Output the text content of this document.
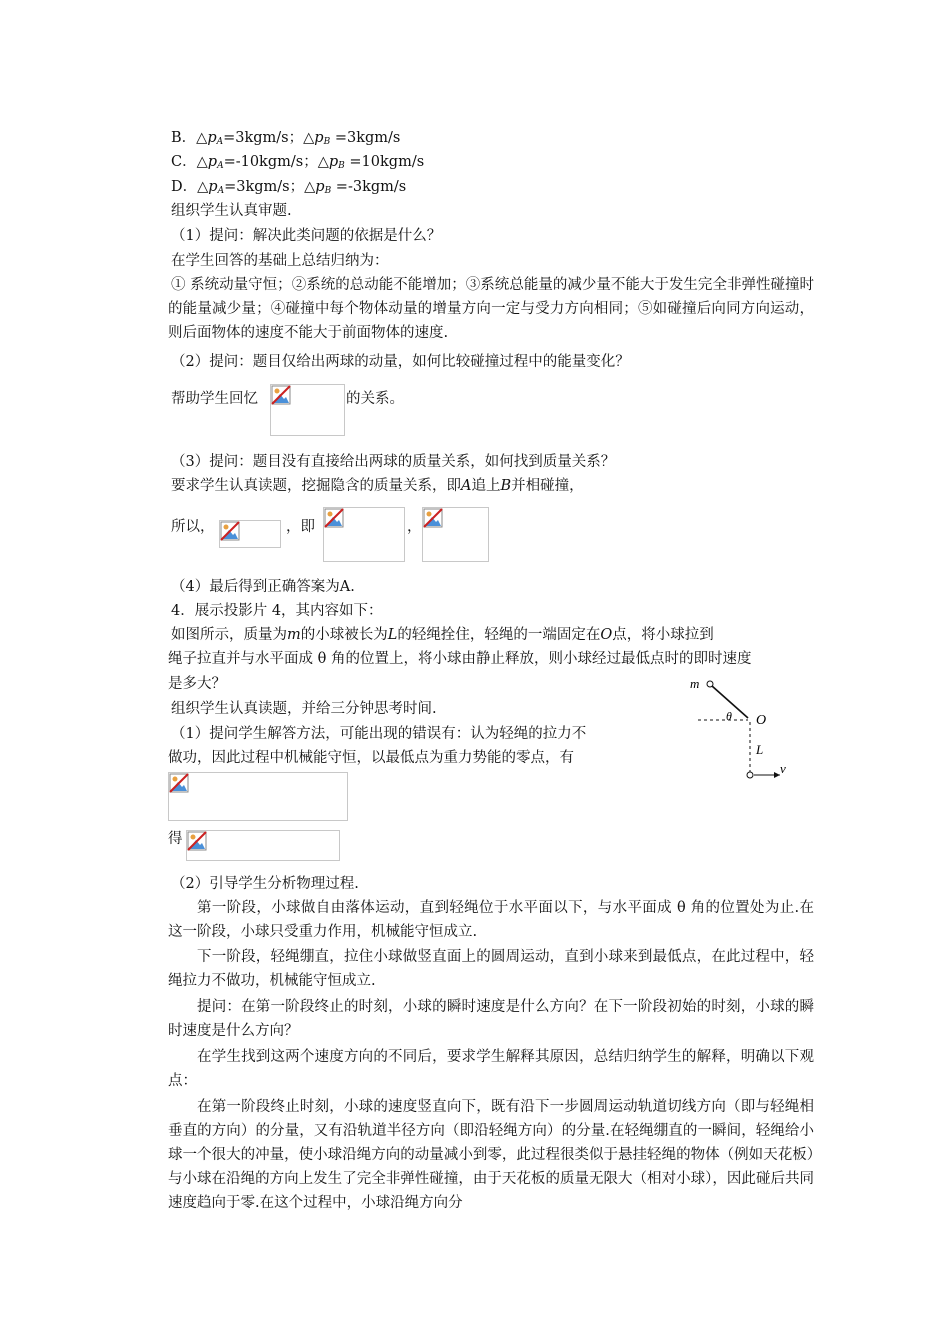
B．$\triangle p_A=3kgm/s$；$\triangle p_B =3kgm/s$
C．$\triangle p_A=-10kgm/s$；$\triangle p_B =10kgm/s$
D．$\triangle p_A=3kgm/s$；$\triangle p_B =-3kgm/s$
组织学生认真审题.
（1）提问：解决此类问题的依据是什么？
在学生回答的基础上总结归纳为：
① 系统动量守恒；②系统的总动能不能增加；③系统总能量的减少量不能大于发生完全非弹性碰撞时的能量减少量；④碰撞中每个物体动量的增量方向一定与受力方向相同；⑤如碰撞后向同方向运动，则后面物体的速度不能大于前面物体的速度.
（2）提问：题目仅给出两球的动量，如何比较碰撞过程中的能量变化？
帮助学生回忆	的关系。
（3）提问：题目没有直接给出两球的质量关系，如何找到质量关系？
要求学生认真读题，挖掘隐含的质量关系，即A追上B并相碰撞，
所以，	，即	，
（4）最后得到正确答案为A.
4．展示投影片 4，其内容如下：
如图所示，质量为m的小球被长为L的轻绳拴住，轻绳的一端固定在O点，将小球拉到
绳子拉直并与水平面成 θ 角的位置上，将小球由静止释放，则小球经过最低点时的即时速度
是多大？
组织学生认真读题，并给三分钟思考时间.
（1）提问学生解答方法，可能出现的错误有：认为轻绳的拉力不
做功，因此过程中机械能守恒，以最低点为重力势能的零点，有
m
θ O
L
v
得
（2）引导学生分析物理过程.
第一阶段，小球做自由落体运动，直到轻绳位于水平面以下，与水平面成 θ 角的位置处为止.在这一阶段，小球只受重力作用，机械能守恒成立.
下一阶段，轻绳绷直，拉住小球做竖直面上的圆周运动，直到小球来到最低点，在此过程中，轻绳拉力不做功，机械能守恒成立.
提问：在第一阶段终止的时刻，小球的瞬时速度是什么方向？在下一阶段初始的时刻，小球的瞬时速度是什么方向？
在学生找到这两个速度方向的不同后，要求学生解释其原因，总结归纳学生的解释，明确以下观点：
在第一阶段终止时刻，小球的速度竖直向下，既有沿下一步圆周运动轨道切线方向（即与轻绳相垂直的方向）的分量，又有沿轨道半径方向（即沿轻绳方向）的分量.在轻绳绷直的一瞬间，轻绳给小球一个很大的冲量，使小球沿绳方向的动量减小到零，此过程很类似于悬挂轻绳的物体（例如天花板）与小球在沿绳的方向上发生了完全非弹性碰撞，由于天花板的质量无限大（相对小球），因此碰后共同速度趋向于零.在这个过程中，小球沿绳方向分
